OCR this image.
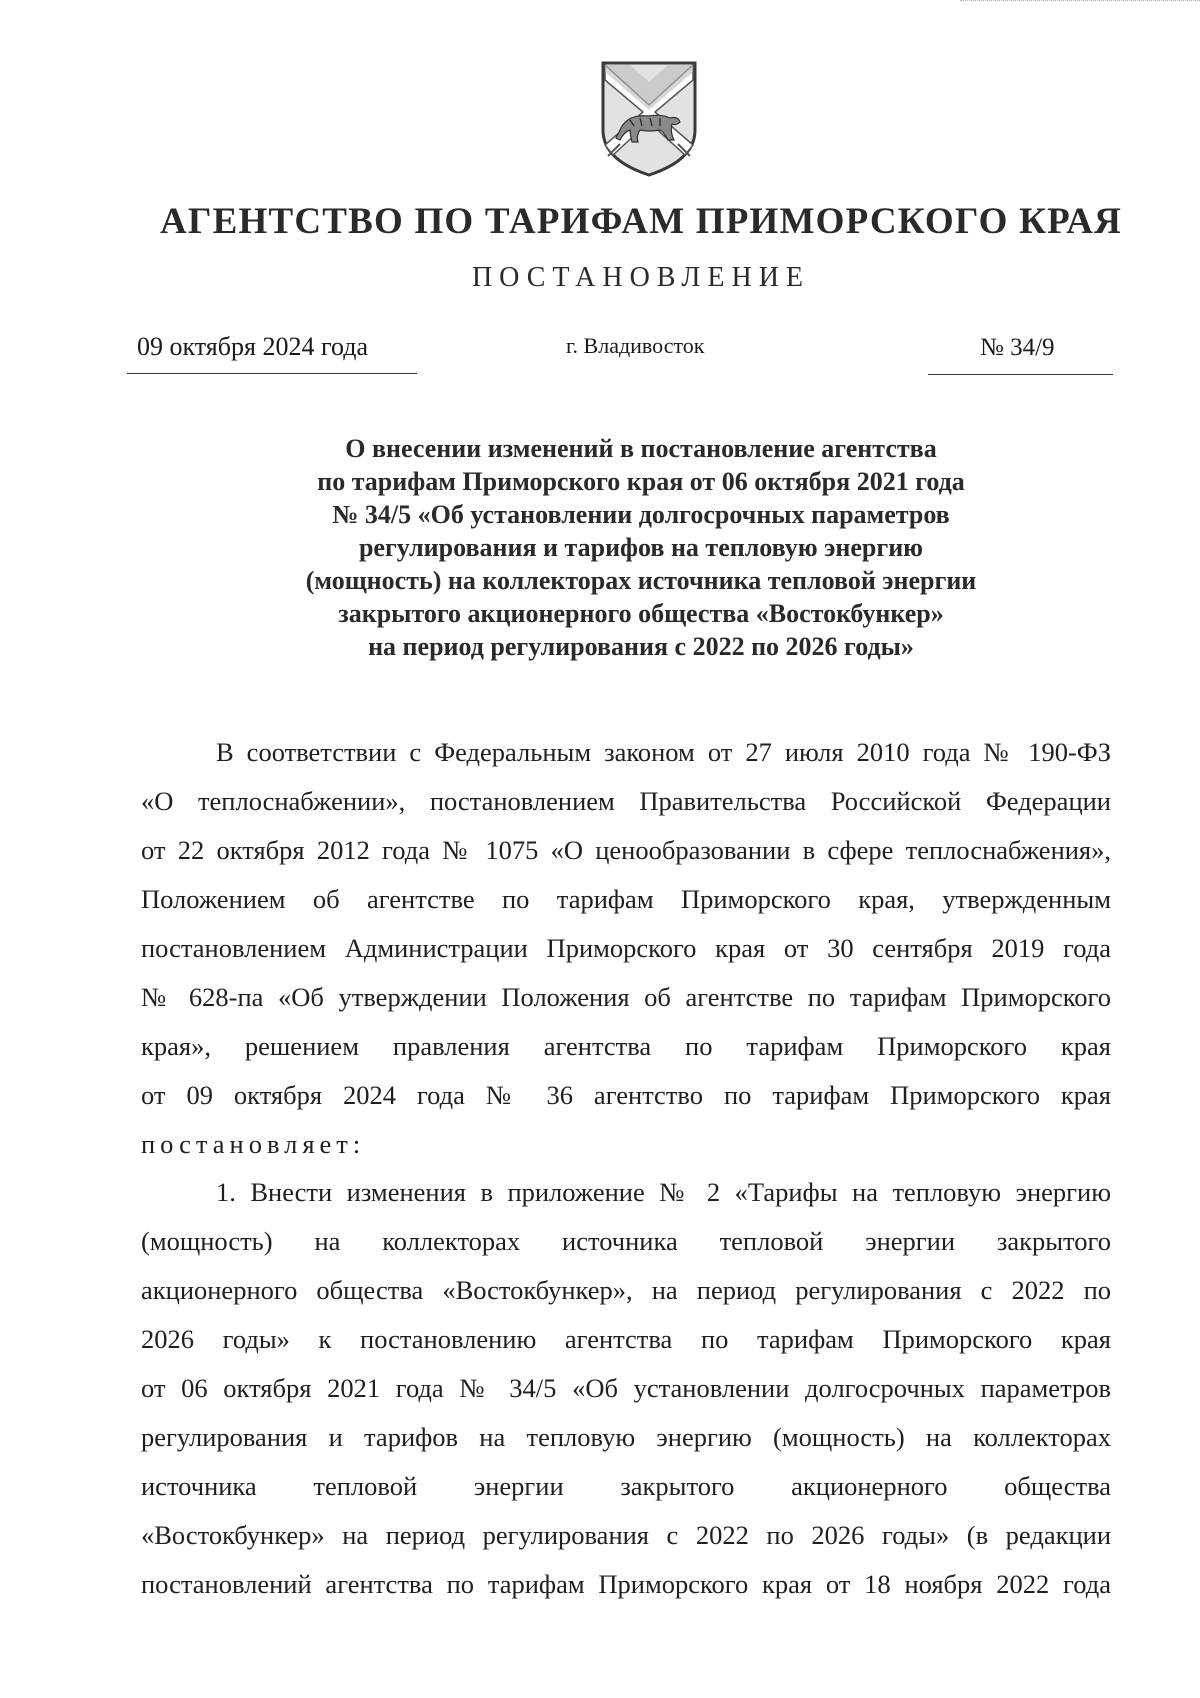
АГЕНТСТВО ПО ТАРИФАМ ПРИМОРСКОГО КРАЯ
ПОСТАНОВЛЕНИЕ
09 октября 2024 года	г. Владивосток	№ 34/9
О внесении изменений в постановление агентства
по тарифам Приморского края от 06 октября 2021 года
№ 34/5 «Об установлении долгосрочных параметров
регулирования и тарифов на тепловую энергию
(мощность) на коллекторах источника тепловой энергии
закрытого акционерного общества «Востокбункер»
на период регулирования с 2022 по 2026 годы»
В соответствии с Федеральным законом от 27 июля 2010 года № 190-ФЗ
«О теплоснабжении», постановлением Правительства Российской Федерации
от 22 октября 2012 года № 1075 «О ценообразовании в сфере теплоснабжения»,
Положением об агентстве по тарифам Приморского края, утвержденным
постановлением Администрации Приморского края от 30 сентября 2019 года
№ 628-па «Об утверждении Положения об агентстве по тарифам Приморского
края», решением правления агентства по тарифам Приморского края
от 09 октября 2024 года № 36 агентство по тарифам Приморского края
постановляет:
1. Внести изменения в приложение № 2 «Тарифы на тепловую энергию
(мощность) на коллекторах источника тепловой энергии закрытого
акционерного общества «Востокбункер», на период регулирования с 2022 по
2026 годы» к постановлению агентства по тарифам Приморского края
от 06 октября 2021 года № 34/5 «Об установлении долгосрочных параметров
регулирования и тарифов на тепловую энергию (мощность) на коллекторах
источника тепловой энергии закрытого акционерного общества
«Востокбункер» на период регулирования с 2022 по 2026 годы» (в редакции
постановлений агентства по тарифам Приморского края от 18 ноября 2022 года
